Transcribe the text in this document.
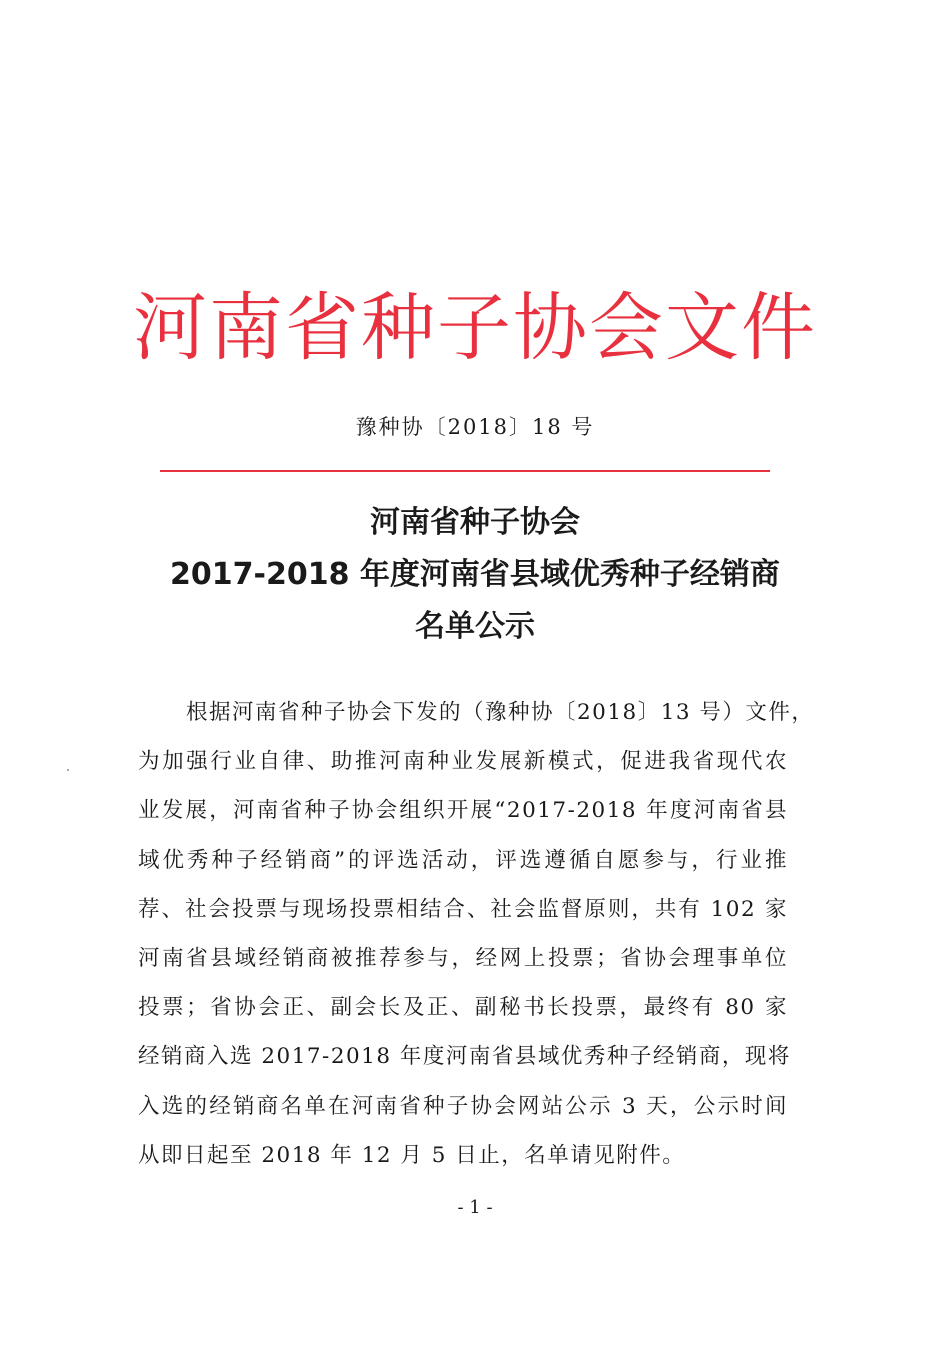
河南省种子协会文件
豫种协〔2018〕18 号
河南省种子协会
2017-2018 年度河南省县域优秀种子经销商
名单公示
根据河南省种子协会下发的（豫种协〔2018〕13 号）文件，
为加强行业自律、助推河南种业发展新模式，促进我省现代农
业发展，河南省种子协会组织开展“2017-2018 年度河南省县
域优秀种子经销商”的评选活动，评选遵循自愿参与，行业推
荐、社会投票与现场投票相结合、社会监督原则，共有 102 家
河南省县域经销商被推荐参与，经网上投票；省协会理事单位
投票；省协会正、副会长及正、副秘书长投票，最终有 80 家
经销商入选 2017-2018 年度河南省县域优秀种子经销商，现将
入选的经销商名单在河南省种子协会网站公示 3 天，公示时间
从即日起至 2018 年 12 月 5 日止，名单请见附件。
- 1 -
